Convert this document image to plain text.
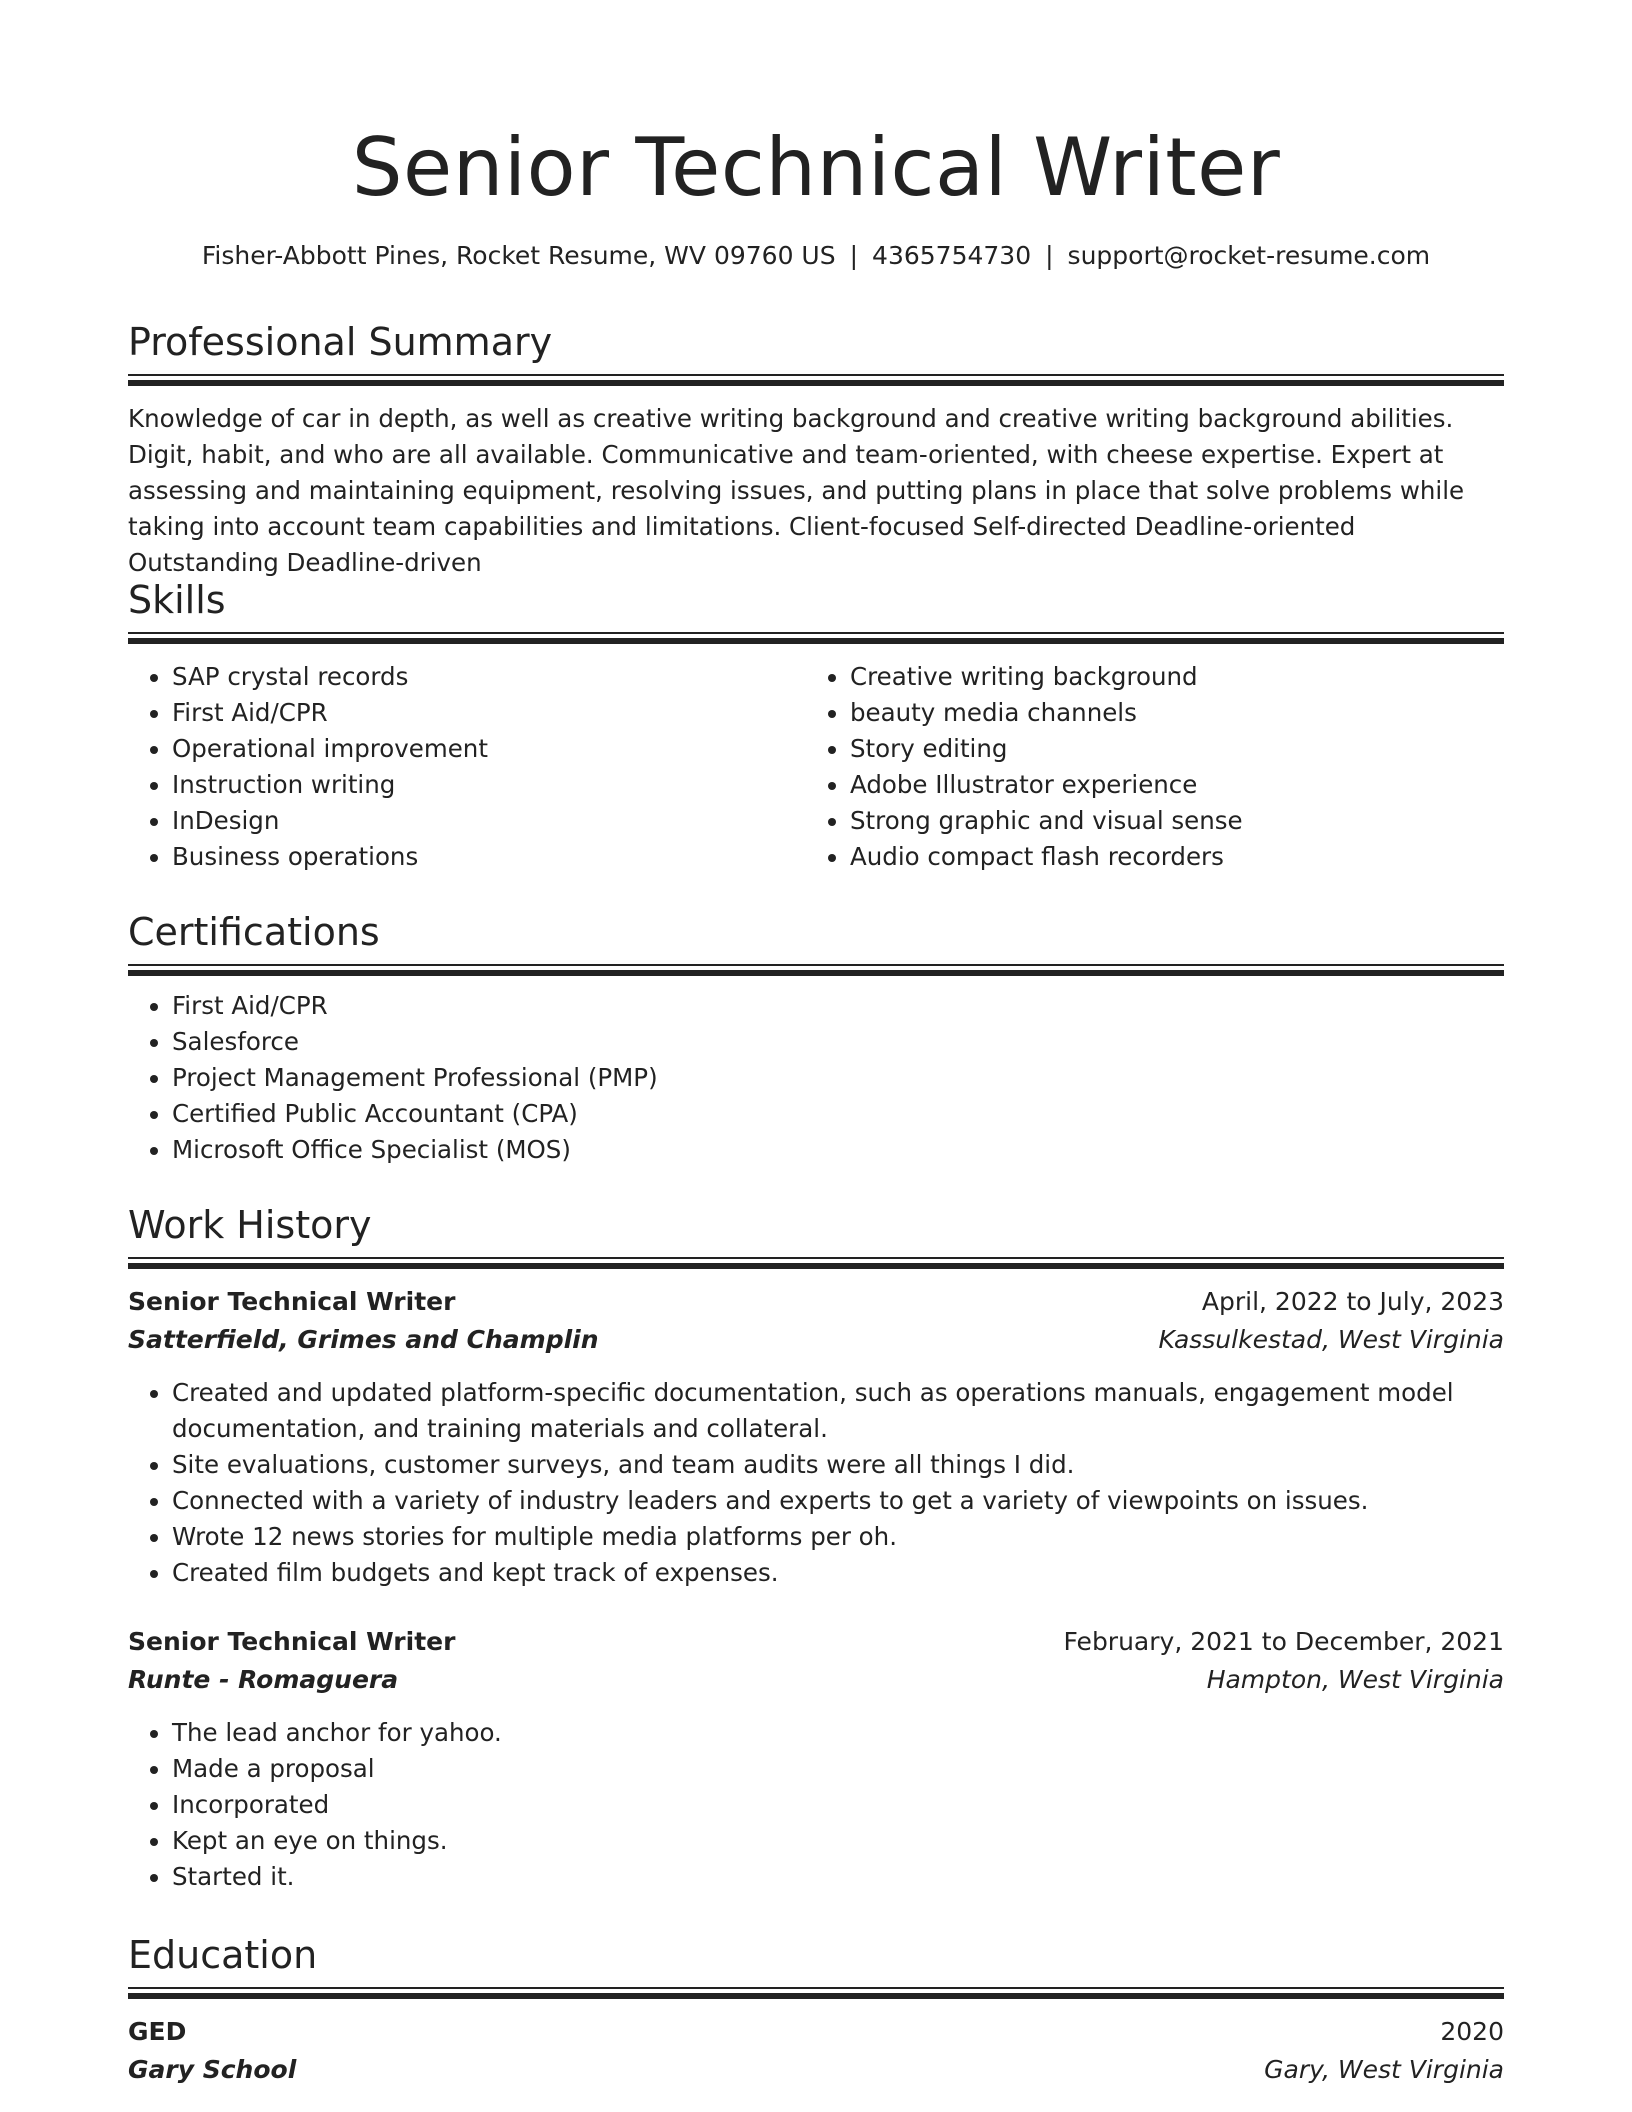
Senior Technical Writer
Fisher-Abbott Pines, Rocket Resume, WV 09760 US | 4365754730 | support@rocket-resume.com
Professional Summary

Knowledge of car in depth, as well as creative writing background and creative writing background abilities. Digit, habit, and who are all available. Communicative and team-oriented, with cheese expertise. Expert at assessing and maintaining equipment, resolving issues, and putting plans in place that solve problems while taking into account team capabilities and limitations. Client-focused Self-directed Deadline-oriented Outstanding Deadline-driven

Skills
• SAP crystal records
• First Aid/CPR
• Operational improvement
• Instruction writing
• InDesign
• Business operations
• Creative writing background
• beauty media channels
• Story editing
• Adobe Illustrator experience
• Strong graphic and visual sense
• Audio compact flash recorders
Certifications
• First Aid/CPR
• Salesforce
• Project Management Professional (PMP)
• Certified Public Accountant (CPA)
• Microsoft Office Specialist (MOS)
Work History
Senior Technical Writer	April, 2022 to July, 2023
Satterfield, Grimes and Champlin	Kassulkestad, West Virginia
• Created and updated platform-specific documentation, such as operations manuals, engagement model documentation, and training materials and collateral.
• Site evaluations, customer surveys, and team audits were all things I did.
• Connected with a variety of industry leaders and experts to get a variety of viewpoints on issues.
• Wrote 12 news stories for multiple media platforms per oh.
• Created film budgets and kept track of expenses.
Senior Technical Writer	February, 2021 to December, 2021
Runte - Romaguera	Hampton, West Virginia
• The lead anchor for yahoo.
• Made a proposal
• Incorporated
• Kept an eye on things.
• Started it.
Education
GED	2020
Gary School	Gary, West Virginia
